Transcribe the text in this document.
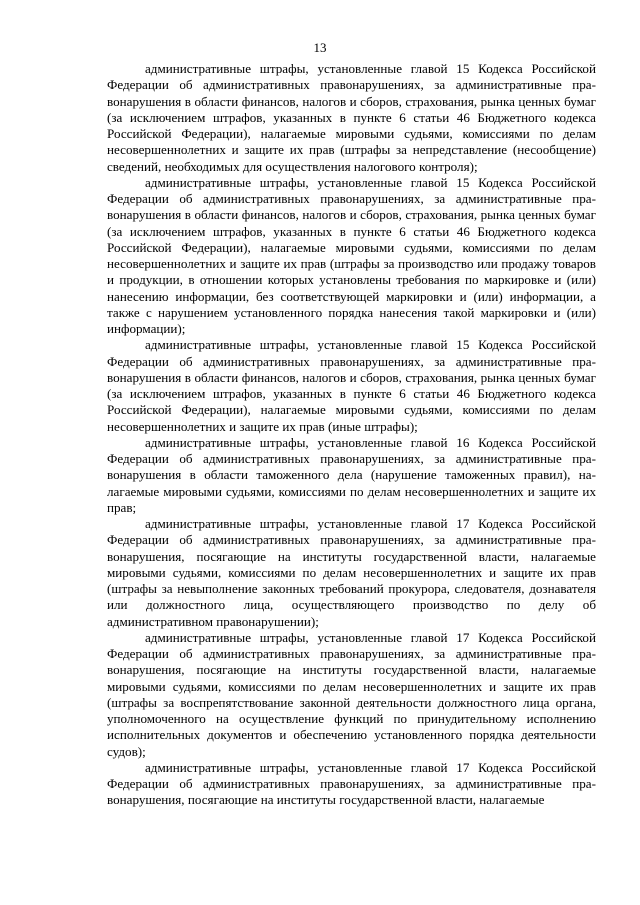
13

административные штрафы, установленные главой 15 Кодекса Российской Федерации об административных правонарушениях, за административные правонарушения в области финансов, налогов и сборов, страхования, рынка ценных бумаг (за исключением штрафов, указанных в пункте 6 статьи 46 Бюджетного кодекса Российской Федерации), налагаемые мировыми судьями, комиссиями по делам несовершеннолетних и защите их прав (штрафы за непредставление (несообщение) сведений, необходимых для осуществления налогового контроля);

административные штрафы, установленные главой 15 Кодекса Российской Федерации об административных правонарушениях, за административные правонарушения в области финансов, налогов и сборов, страхования, рынка ценных бумаг (за исключением штрафов, указанных в пункте 6 статьи 46 Бюджетного кодекса Российской Федерации), налагаемые мировыми судьями, комиссиями по делам несовершеннолетних и защите их прав (штрафы за производство или продажу товаров и продукции, в отношении которых установлены требования по маркировке и (или) нанесению информации, без соответствующей маркировки и (или) информации, а также с нарушением установленного порядка нанесения такой маркировки и (или) информации);

административные штрафы, установленные главой 15 Кодекса Российской Федерации об административных правонарушениях, за административные правонарушения в области финансов, налогов и сборов, страхования, рынка ценных бумаг (за исключением штрафов, указанных в пункте 6 статьи 46 Бюджетного кодекса Российской Федерации), налагаемые мировыми судьями, комиссиями по делам несовершеннолетних и защите их прав (иные штрафы);

административные штрафы, установленные главой 16 Кодекса Российской Федерации об административных правонарушениях, за административные правонарушения в области таможенного дела (нарушение таможенных правил), налагаемые мировыми судьями, комиссиями по делам несовершеннолетних и защите их прав;

административные штрафы, установленные главой 17 Кодекса Российской Федерации об административных правонарушениях, за административные правонарушения, посягающие на институты государственной власти, налагаемые мировыми судьями, комиссиями по делам несовершеннолетних и защите их прав (штрафы за невыполнение законных требований прокурора, следователя, дознавателя или должностного лица, осуществляющего производство по делу об административном правонарушении);

административные штрафы, установленные главой 17 Кодекса Российской Федерации об административных правонарушениях, за административные правонарушения, посягающие на институты государственной власти, налагаемые мировыми судьями, комиссиями по делам несовершеннолетних и защите их прав (штрафы за воспрепятствование законной деятельности должностного лица органа, уполномоченного на осуществление функций по принудительному исполнению исполнительных документов и обеспечению установленного порядка деятельности судов);

административные штрафы, установленные главой 17 Кодекса Российской Федерации об административных правонарушениях, за административные правонарушения, посягающие на институты государственной власти, налагаемые
